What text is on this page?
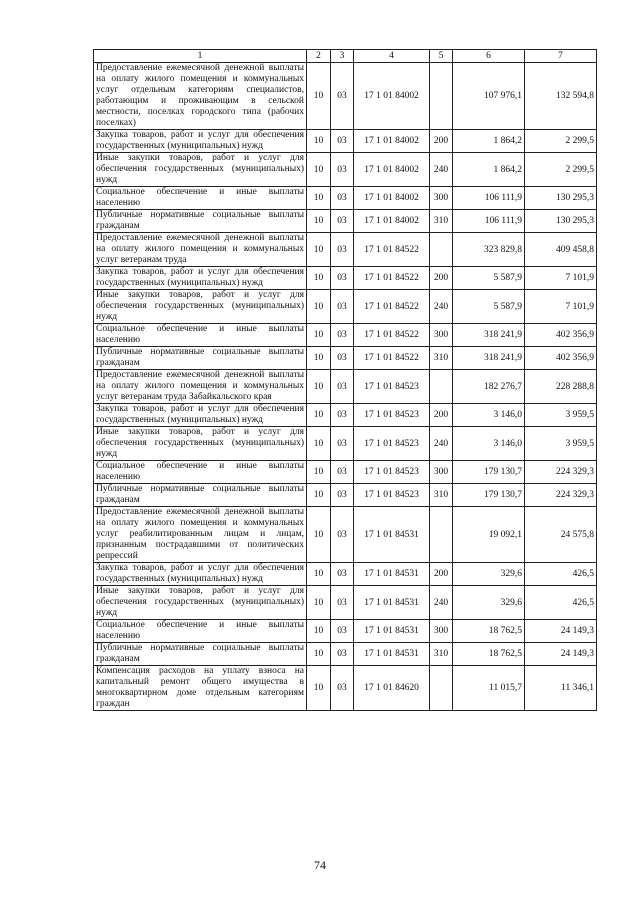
1	2	3	4	5	6	7
Предоставление ежемесячной денежной выплаты на оплату жилого помещения и коммунальных услуг отдельным категориям специалистов, работающим и проживающим в сельской местности, поселках городского типа (рабочих поселках)	10	03	17 1 01 84002		107 976,1	132 594,8
Закупка товаров, работ и услуг для обеспечения государственных (муниципальных) нужд	10	03	17 1 01 84002	200	1 864,2	2 299,5
Иные закупки товаров, работ и услуг для обеспечения государственных (муниципальных) нужд	10	03	17 1 01 84002	240	1 864,2	2 299,5
Социальное обеспечение и иные выплаты населению	10	03	17 1 01 84002	300	106 111,9	130 295,3
Публичные нормативные социальные выплаты гражданам	10	03	17 1 01 84002	310	106 111,9	130 295,3
Предоставление ежемесячной денежной выплаты на оплату жилого помещения и коммунальных услуг ветеранам труда	10	03	17 1 01 84522		323 829,8	409 458,8
Закупка товаров, работ и услуг для обеспечения государственных (муниципальных) нужд	10	03	17 1 01 84522	200	5 587,9	7 101,9
Иные закупки товаров, работ и услуг для обеспечения государственных (муниципальных) нужд	10	03	17 1 01 84522	240	5 587,9	7 101,9
Социальное обеспечение и иные выплаты населению	10	03	17 1 01 84522	300	318 241,9	402 356,9
Публичные нормативные социальные выплаты гражданам	10	03	17 1 01 84522	310	318 241,9	402 356,9
Предоставление ежемесячной денежной выплаты на оплату жилого помещения и коммунальных услуг ветеранам труда Забайкальского края	10	03	17 1 01 84523		182 276,7	228 288,8
Закупка товаров, работ и услуг для обеспечения государственных (муниципальных) нужд	10	03	17 1 01 84523	200	3 146,0	3 959,5
Иные закупки товаров, работ и услуг для обеспечения государственных (муниципальных) нужд	10	03	17 1 01 84523	240	3 146,0	3 959,5
Социальное обеспечение и иные выплаты населению	10	03	17 1 01 84523	300	179 130,7	224 329,3
Публичные нормативные социальные выплаты гражданам	10	03	17 1 01 84523	310	179 130,7	224 329,3
Предоставление ежемесячной денежной выплаты на оплату жилого помещения и коммунальных услуг реабилитированным лицам и лицам, признанным пострадавшими от политических репрессий	10	03	17 1 01 84531		19 092,1	24 575,8
Закупка товаров, работ и услуг для обеспечения государственных (муниципальных) нужд	10	03	17 1 01 84531	200	329,6	426,5
Иные закупки товаров, работ и услуг для обеспечения государственных (муниципальных) нужд	10	03	17 1 01 84531	240	329,6	426,5
Социальное обеспечение и иные выплаты населению	10	03	17 1 01 84531	300	18 762,5	24 149,3
Публичные нормативные социальные выплаты гражданам	10	03	17 1 01 84531	310	18 762,5	24 149,3
Компенсация расходов на уплату взноса на капитальный ремонт общего имущества в многоквартирном доме отдельным категориям граждан	10	03	17 1 01 84620		11 015,7	11 346,1
74
